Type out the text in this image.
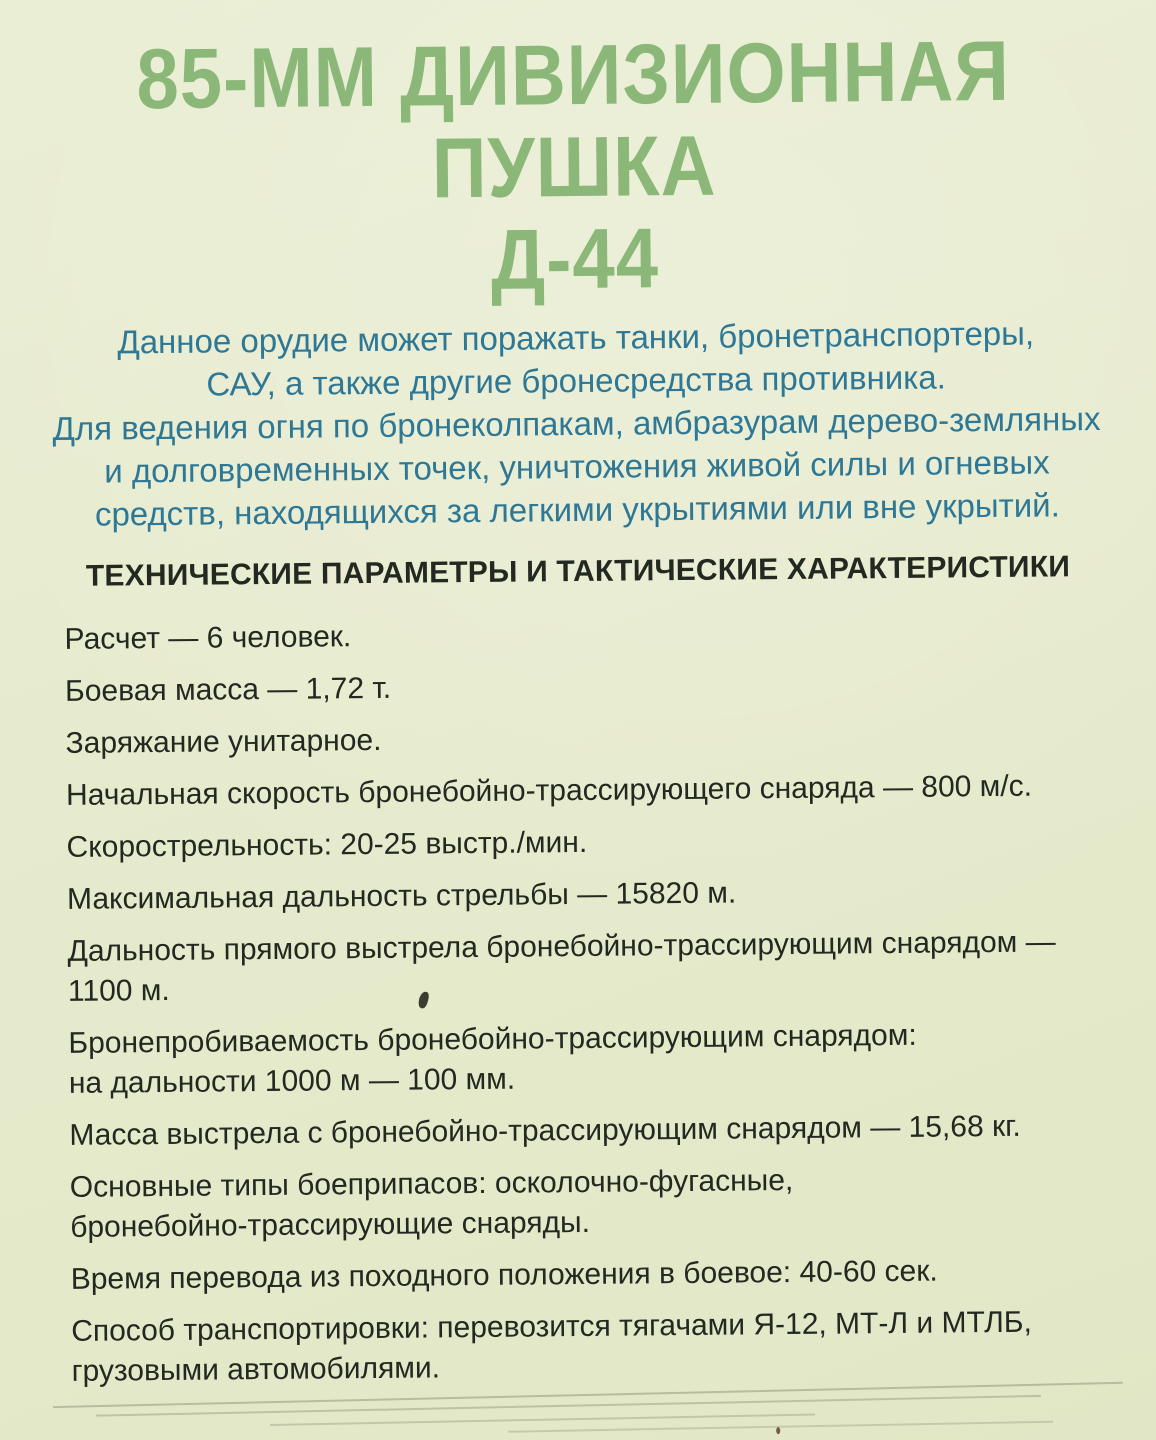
85-ММ ДИВИЗИОННАЯ
ПУШКА
Д-44
Данное орудие может поражать танки, бронетранспортеры,
САУ, а также другие бронесредства противника.
Для ведения огня по бронеколпакам, амбразурам дерево-земляных
и долговременных точек, уничтожения живой силы и огневых
средств, находящихся за легкими укрытиями или вне укрытий.
ТЕХНИЧЕСКИЕ ПАРАМЕТРЫ И ТАКТИЧЕСКИЕ ХАРАКТЕРИСТИКИ
Расчет — 6 человек.
Боевая масса — 1,72 т.
Заряжание унитарное.
Начальная скорость бронебойно-трассирующего снаряда — 800 м/с.
Скорострельность: 20-25 выстр./мин.
Максимальная дальность стрельбы — 15820 м.
Дальность прямого выстрела бронебойно-трассирующим снарядом — 1100 м.
Бронепробиваемость бронебойно-трассирующим снарядом:
на дальности 1000 м — 100 мм.
Масса выстрела с бронебойно-трассирующим снарядом — 15,68 кг.
Основные типы боеприпасов: осколочно-фугасные,
бронебойно-трассирующие снаряды.
Время перевода из походного положения в боевое: 40-60 сек.
Способ транспортировки: перевозится тягачами Я-12, МТ-Л и МТЛБ,
грузовыми автомобилями.
